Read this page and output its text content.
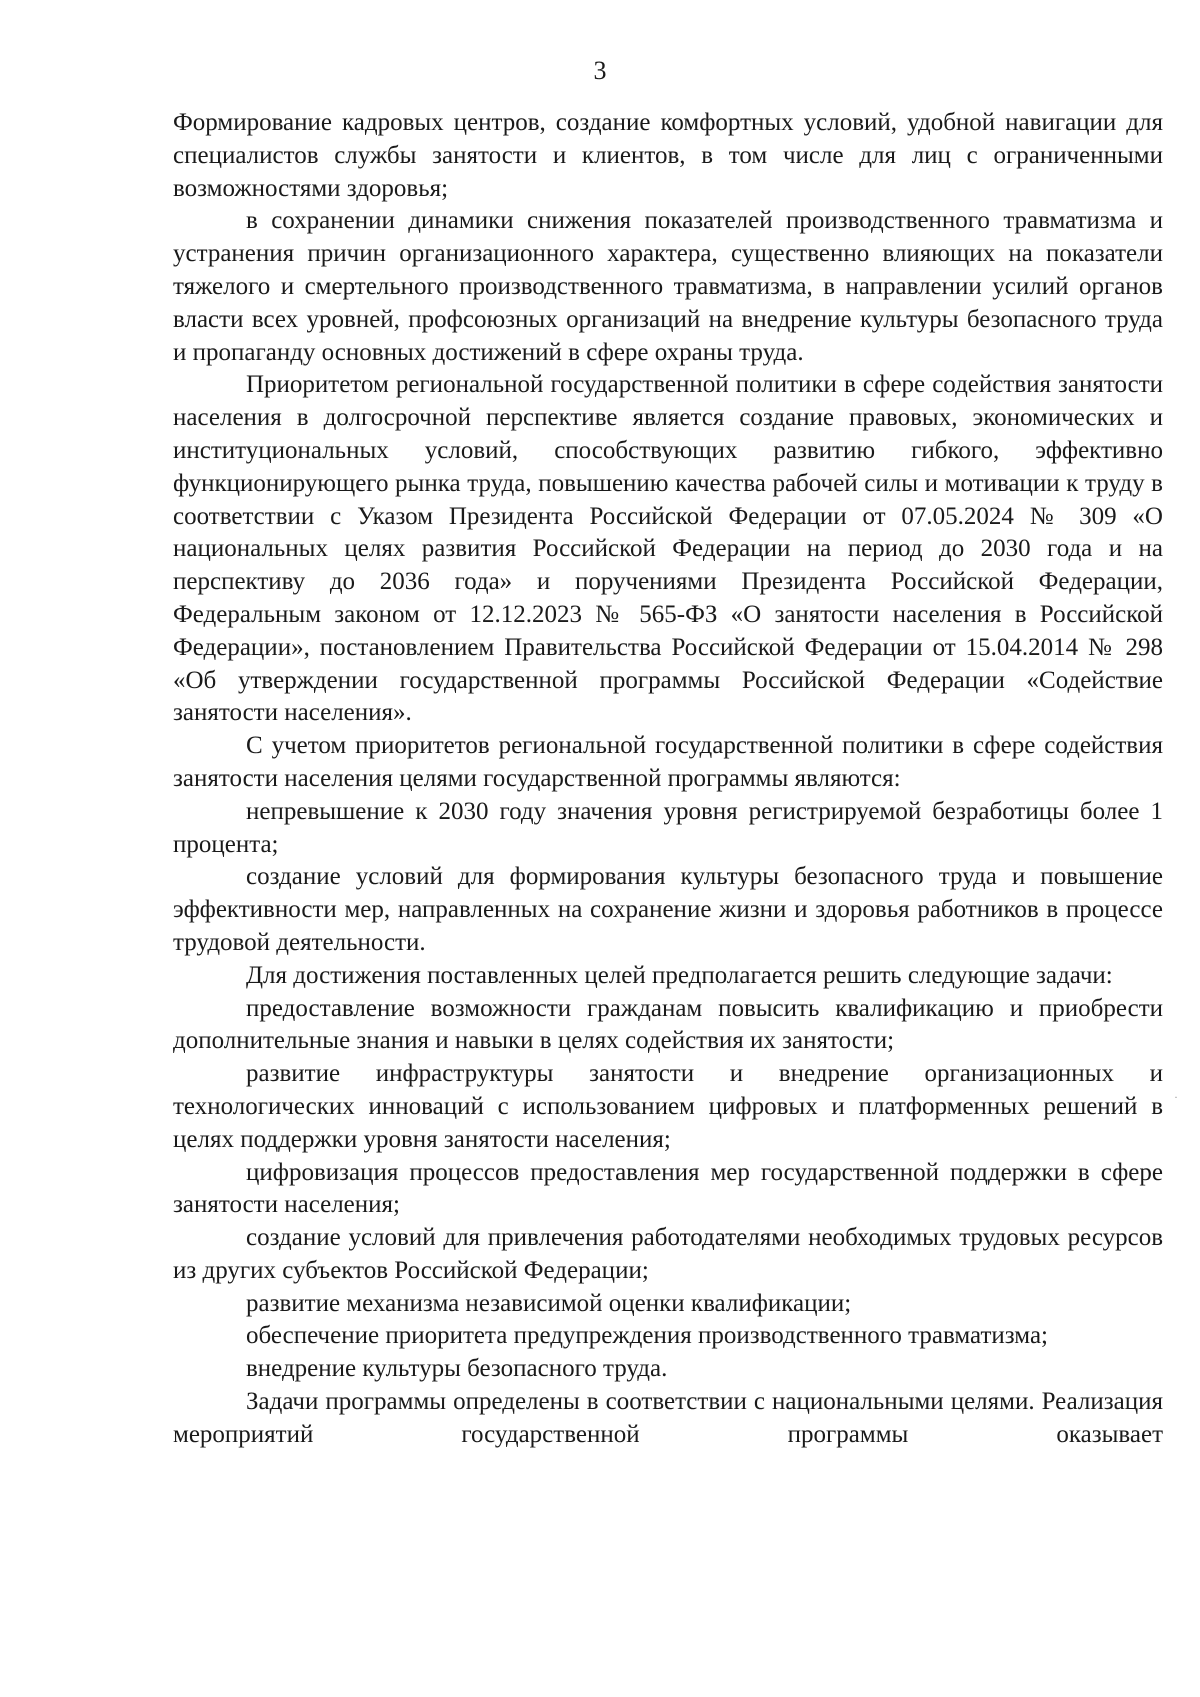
3

Формирование кадровых центров, создание комфортных условий, удобной навигации для специалистов службы занятости и клиентов, в том числе для лиц с ограниченными возможностями здоровья;

в сохранении динамики снижения показателей производственного травматизма и устранения причин организационного характера, существенно влияющих на показатели тяжелого и смертельного производственного травматизма, в направлении усилий органов власти всех уровней, профсоюзных организаций на внедрение культуры безопасного труда и пропаганду основных достижений в сфере охраны труда.

Приоритетом региональной государственной политики в сфере содействия занятости населения в долгосрочной перспективе является создание правовых, экономических и институциональных условий, способствующих развитию гибкого, эффективно функционирующего рынка труда, повышению качества рабочей силы и мотивации к труду в соответствии с Указом Президента Российской Федерации от 07.05.2024 № 309 «О национальных целях развития Российской Федерации на период до 2030 года и на перспективу до 2036 года» и поручениями Президента Российской Федерации, Федеральным законом от 12.12.2023 № 565-ФЗ «О занятости населения в Российской Федерации», постановлением Правительства Российской Федерации от 15.04.2014 № 298 «Об утверждении государственной программы Российской Федерации «Содействие занятости населения».

С учетом приоритетов региональной государственной политики в сфере содействия занятости населения целями государственной программы являются:

непревышение к 2030 году значения уровня регистрируемой безработицы более 1 процента;

создание условий для формирования культуры безопасного труда и повышение эффективности мер, направленных на сохранение жизни и здоровья работников в процессе трудовой деятельности.

Для достижения поставленных целей предполагается решить следующие задачи:

предоставление возможности гражданам повысить квалификацию и приобрести дополнительные знания и навыки в целях содействия их занятости;

развитие инфраструктуры занятости и внедрение организационных и технологических инноваций с использованием цифровых и платформенных решений в целях поддержки уровня занятости населения;

цифровизация процессов предоставления мер государственной поддержки в сфере занятости населения;

создание условий для привлечения работодателями необходимых трудовых ресурсов из других субъектов Российской Федерации;

развитие механизма независимой оценки квалификации;

обеспечение приоритета предупреждения производственного травматизма;

внедрение культуры безопасного труда.

Задачи программы определены в соответствии с национальными целями. Реализация мероприятий государственной программы оказывает

·
